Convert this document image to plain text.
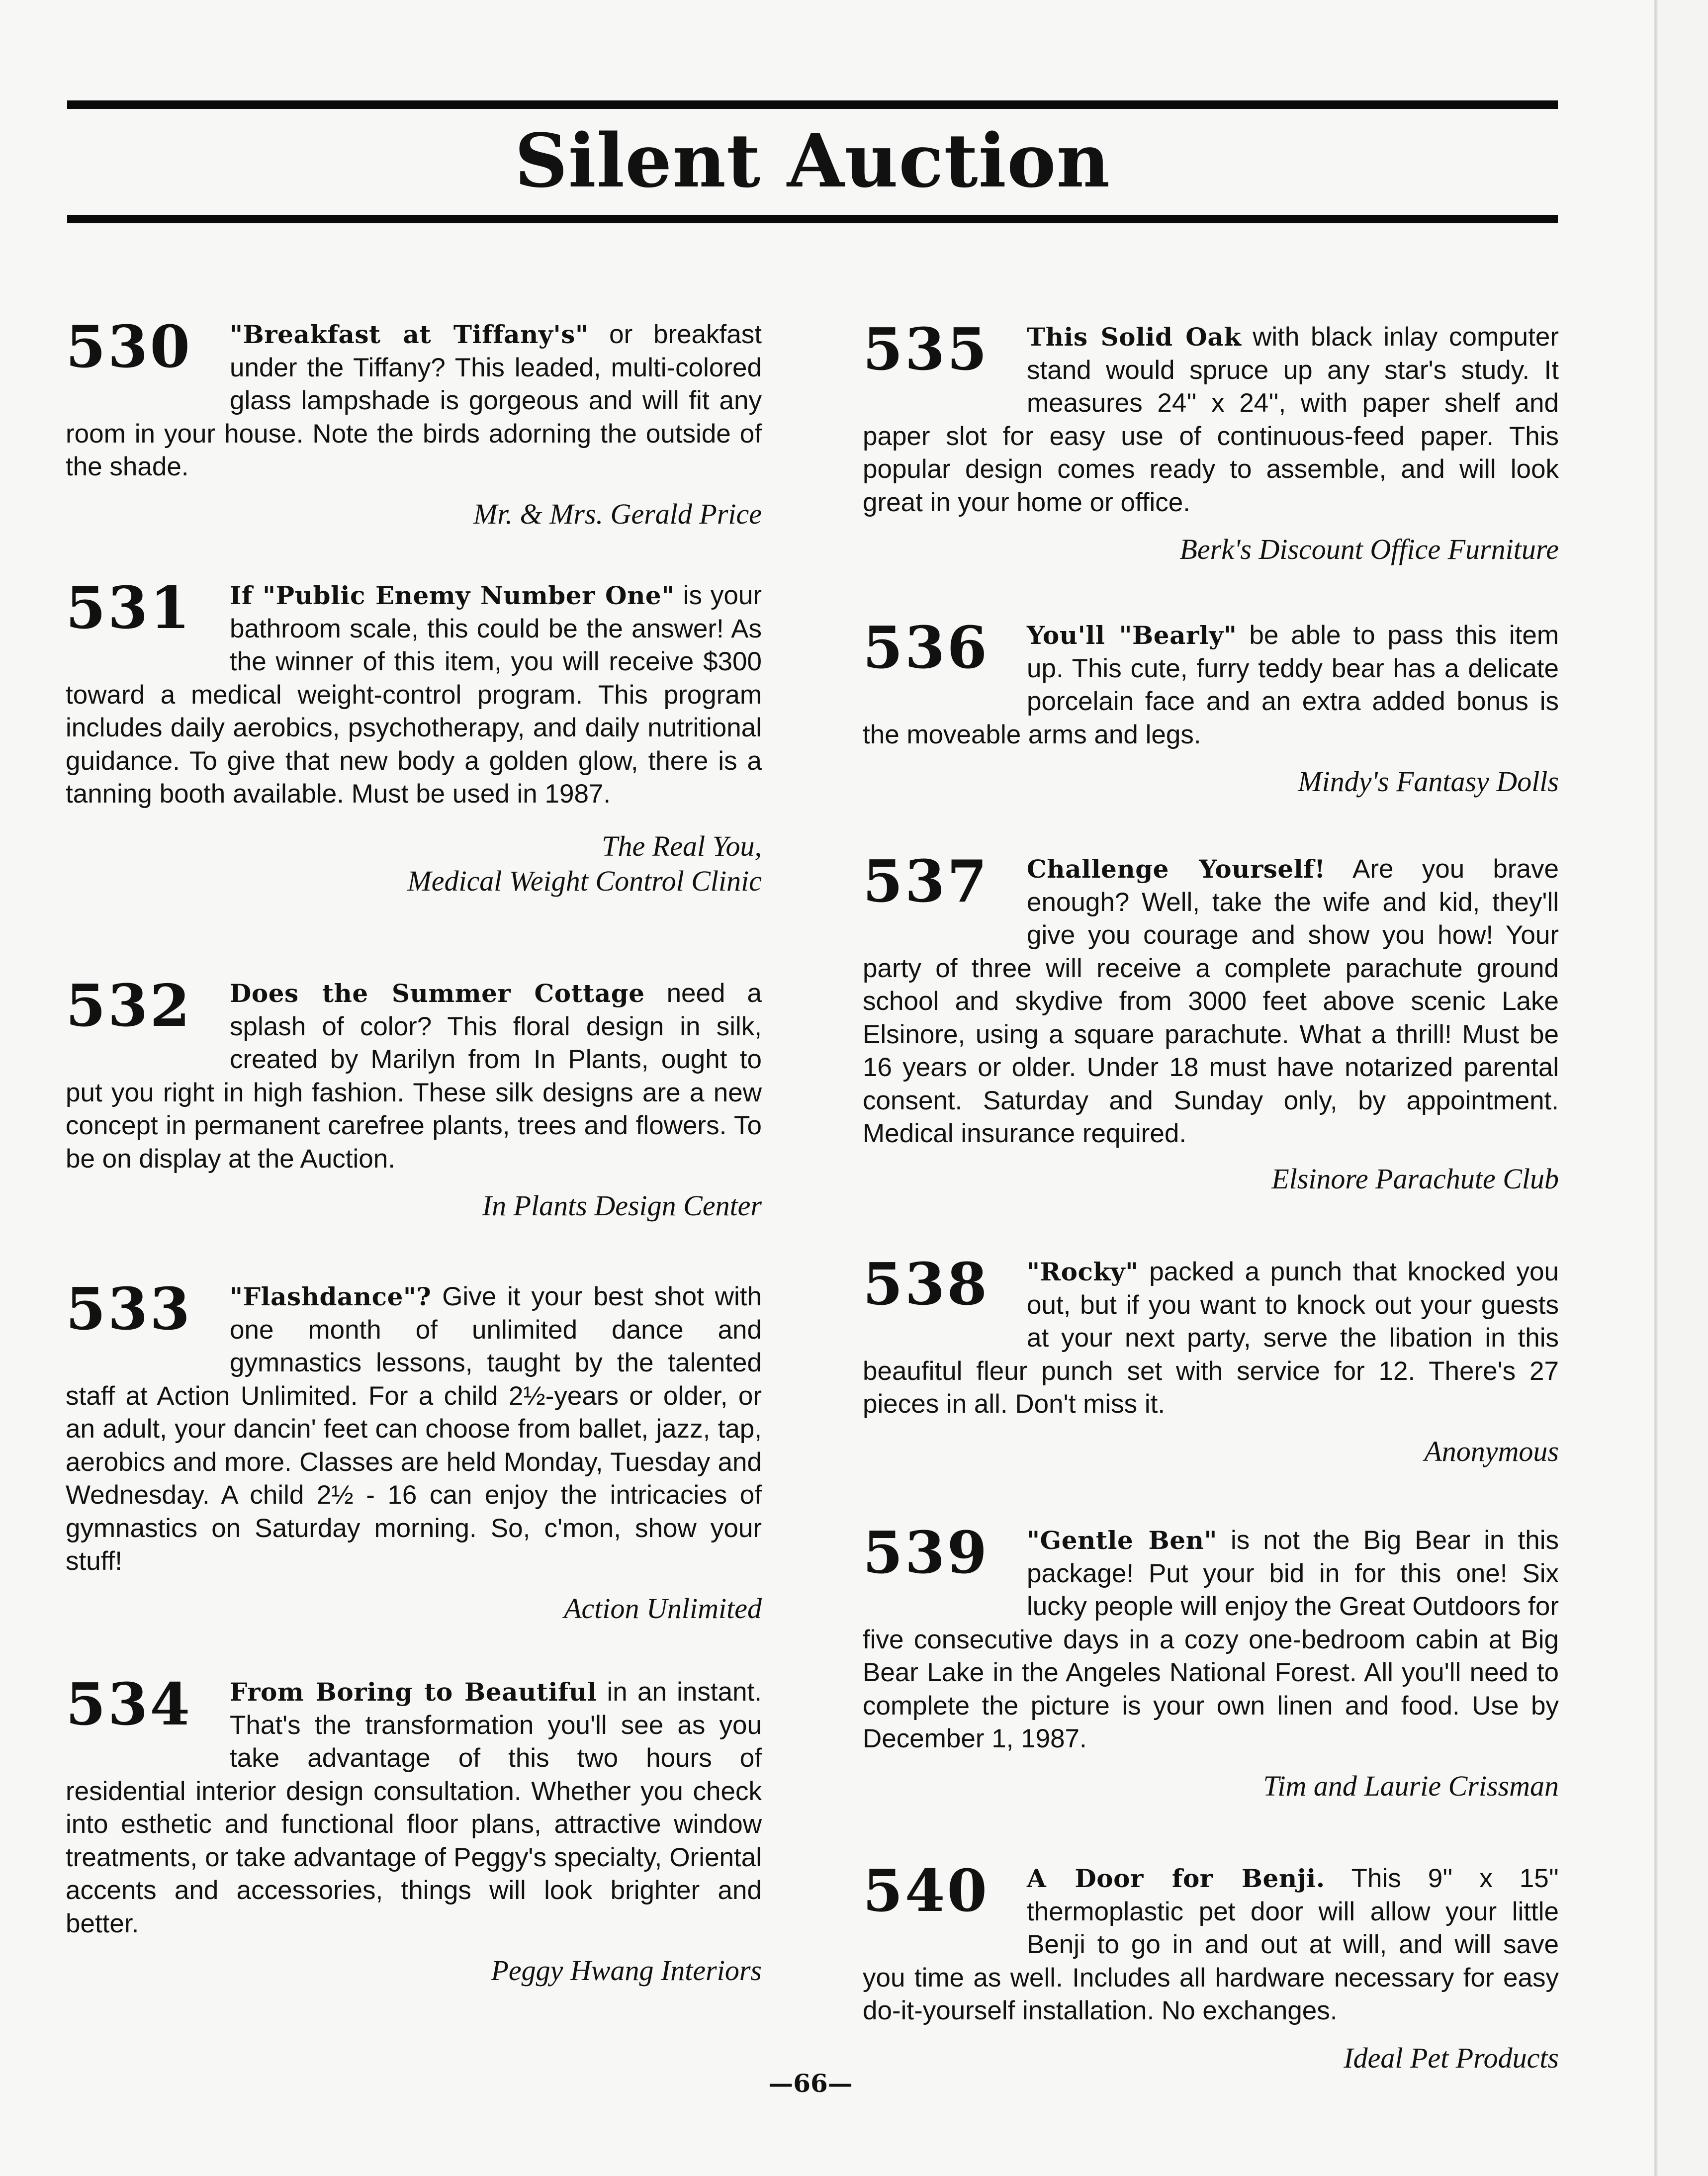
Silent Auction
530	"Breakfast at Tiffany's" or breakfast under the Tiffany? This leaded, multi-colored glass lampshade is gorgeous and will fit any room in your house. Note the birds adorning the outside of the shade.

Mr. & Mrs. Gerald Price

531	If "Public Enemy Number One" is your bathroom scale, this could be the answer! As the winner of this item, you will receive $300 toward a medical weight-control program. This program includes daily aerobics, psychotherapy, and daily nutritional guidance. To give that new body a golden glow, there is a tanning booth available. Must be used in 1987.

The Real You,

Medical Weight Control Clinic

532	Does the Summer Cottage need a splash of color? This floral design in silk, created by Marilyn from In Plants, ought to put you right in high fashion. These silk designs are a new concept in permanent carefree plants, trees and flowers. To be on display at the Auction.

In Plants Design Center

533	"Flashdance"? Give it your best shot with one month of unlimited dance and gymnastics lessons, taught by the talented staff at Action Unlimited. For a child 2½-years or older, or an adult, your dancin' feet can choose from ballet, jazz, tap, aerobics and more. Classes are held Monday, Tuesday and Wednesday. A child 2½ - 16 can enjoy the intricacies of gymnastics on Saturday morning. So, c'mon, show your stuff!

Action Unlimited

534	From Boring to Beautiful in an instant. That's the transformation you'll see as you take advantage of this two hours of residential interior design consultation. Whether you check into esthetic and functional floor plans, attractive window treatments, or take advantage of Peggy's specialty, Oriental accents and accessories, things will look brighter and better.

Peggy Hwang Interiors

535	This Solid Oak with black inlay computer stand would spruce up any star's study. It measures 24'' x 24'', with paper shelf and paper slot for easy use of continuous-feed paper. This popular design comes ready to assemble, and will look great in your home or office.

Berk's Discount Office Furniture

536	You'll "Bearly" be able to pass this item up. This cute, furry teddy bear has a delicate porcelain face and an extra added bonus is the moveable arms and legs.

Mindy's Fantasy Dolls

537	Challenge Yourself! Are you brave enough? Well, take the wife and kid, they'll give you courage and show you how! Your party of three will receive a complete parachute ground school and skydive from 3000 feet above scenic Lake Elsinore, using a square parachute. What a thrill! Must be 16 years or older. Under 18 must have notarized parental consent. Saturday and Sunday only, by appointment. Medical insurance required.

Elsinore Parachute Club

538	"Rocky" packed a punch that knocked you out, but if you want to knock out your guests at your next party, serve the libation in this beaufitul fleur punch set with service for 12. There's 27 pieces in all. Don't miss it.

Anonymous

539	"Gentle Ben" is not the Big Bear in this package! Put your bid in for this one! Six lucky people will enjoy the Great Outdoors for five consecutive days in a cozy one-bedroom cabin at Big Bear Lake in the Angeles National Forest. All you'll need to complete the picture is your own linen and food. Use by December 1, 1987.

Tim and Laurie Crissman

540	A Door for Benji. This 9'' x 15'' thermoplastic pet door will allow your little Benji to go in and out at will, and will save you time as well. Includes all hardware necessary for easy do-it-yourself installation. No exchanges.

Ideal Pet Products

—66—
